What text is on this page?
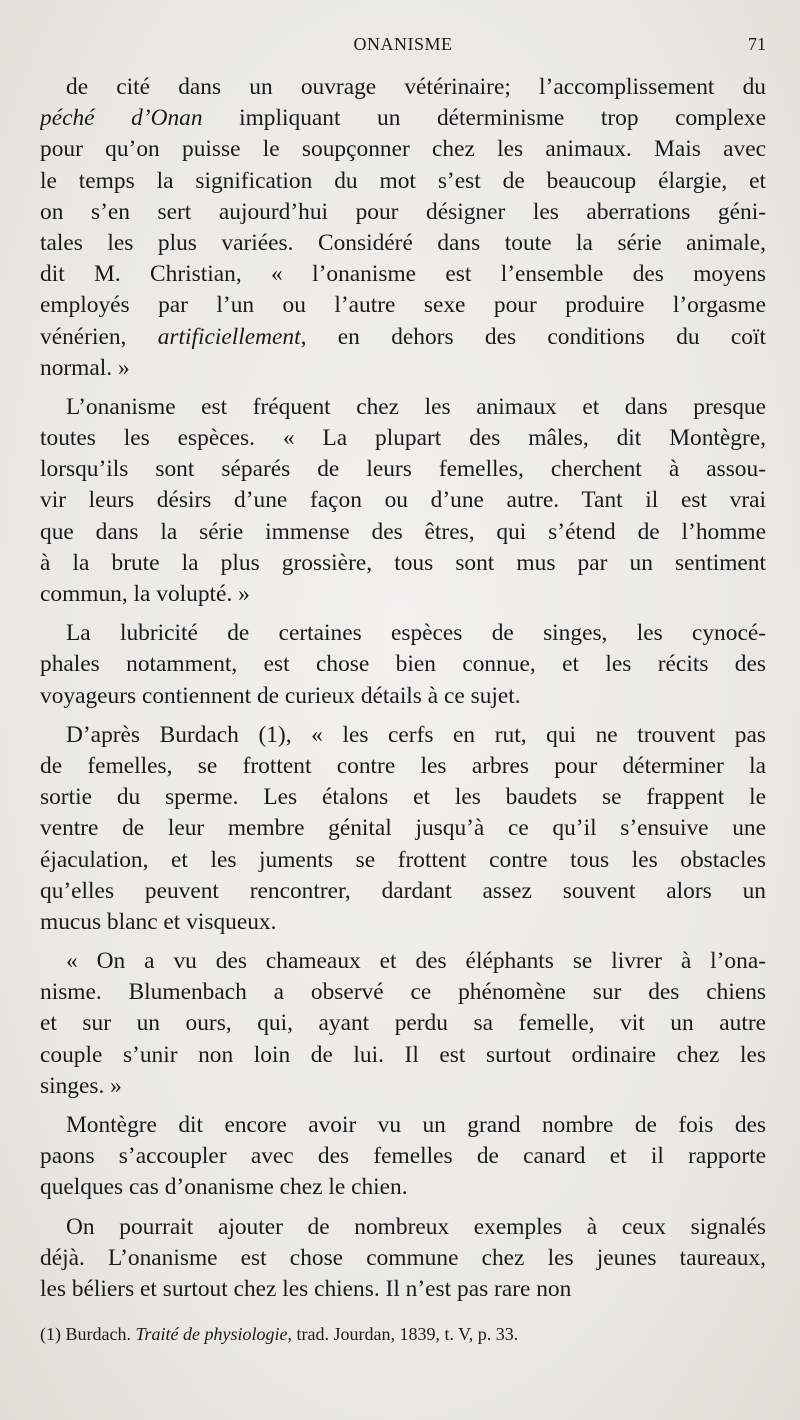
ONANISME	71
de cité dans un ouvrage vétérinaire; l’accomplissement du
péché d’Onan impliquant un déterminisme trop complexe
pour qu’on puisse le soupçonner chez les animaux. Mais avec
le temps la signification du mot s’est de beaucoup élargie, et
on s’en sert aujourd’hui pour désigner les aberrations géni-
tales les plus variées. Considéré dans toute la série animale,
dit M. Christian, « l’onanisme est l’ensemble des moyens
employés par l’un ou l’autre sexe pour produire l’orgasme
vénérien, artificiellement, en dehors des conditions du coït
normal. »
L’onanisme est fréquent chez les animaux et dans presque
toutes les espèces. « La plupart des mâles, dit Montègre,
lorsqu’ils sont séparés de leurs femelles, cherchent à assou-
vir leurs désirs d’une façon ou d’une autre. Tant il est vrai
que dans la série immense des êtres, qui s’étend de l’homme
à la brute la plus grossière, tous sont mus par un sentiment
commun, la volupté. »
La lubricité de certaines espèces de singes, les cynocé-
phales notamment, est chose bien connue, et les récits des
voyageurs contiennent de curieux détails à ce sujet.
D’après Burdach (1), « les cerfs en rut, qui ne trouvent pas
de femelles, se frottent contre les arbres pour déterminer la
sortie du sperme. Les étalons et les baudets se frappent le
ventre de leur membre génital jusqu’à ce qu’il s’ensuive une
éjaculation, et les juments se frottent contre tous les obstacles
qu’elles peuvent rencontrer, dardant assez souvent alors un
mucus blanc et visqueux.
« On a vu des chameaux et des éléphants se livrer à l’ona-
nisme. Blumenbach a observé ce phénomène sur des chiens
et sur un ours, qui, ayant perdu sa femelle, vit un autre
couple s’unir non loin de lui. Il est surtout ordinaire chez les
singes. »
Montègre dit encore avoir vu un grand nombre de fois des
paons s’accoupler avec des femelles de canard et il rapporte
quelques cas d’onanisme chez le chien.
On pourrait ajouter de nombreux exemples à ceux signalés
déjà. L’onanisme est chose commune chez les jeunes taureaux,
les béliers et surtout chez les chiens. Il n’est pas rare non
(1) Burdach. Traité de physiologie, trad. Jourdan, 1839, t. V, p. 33.
